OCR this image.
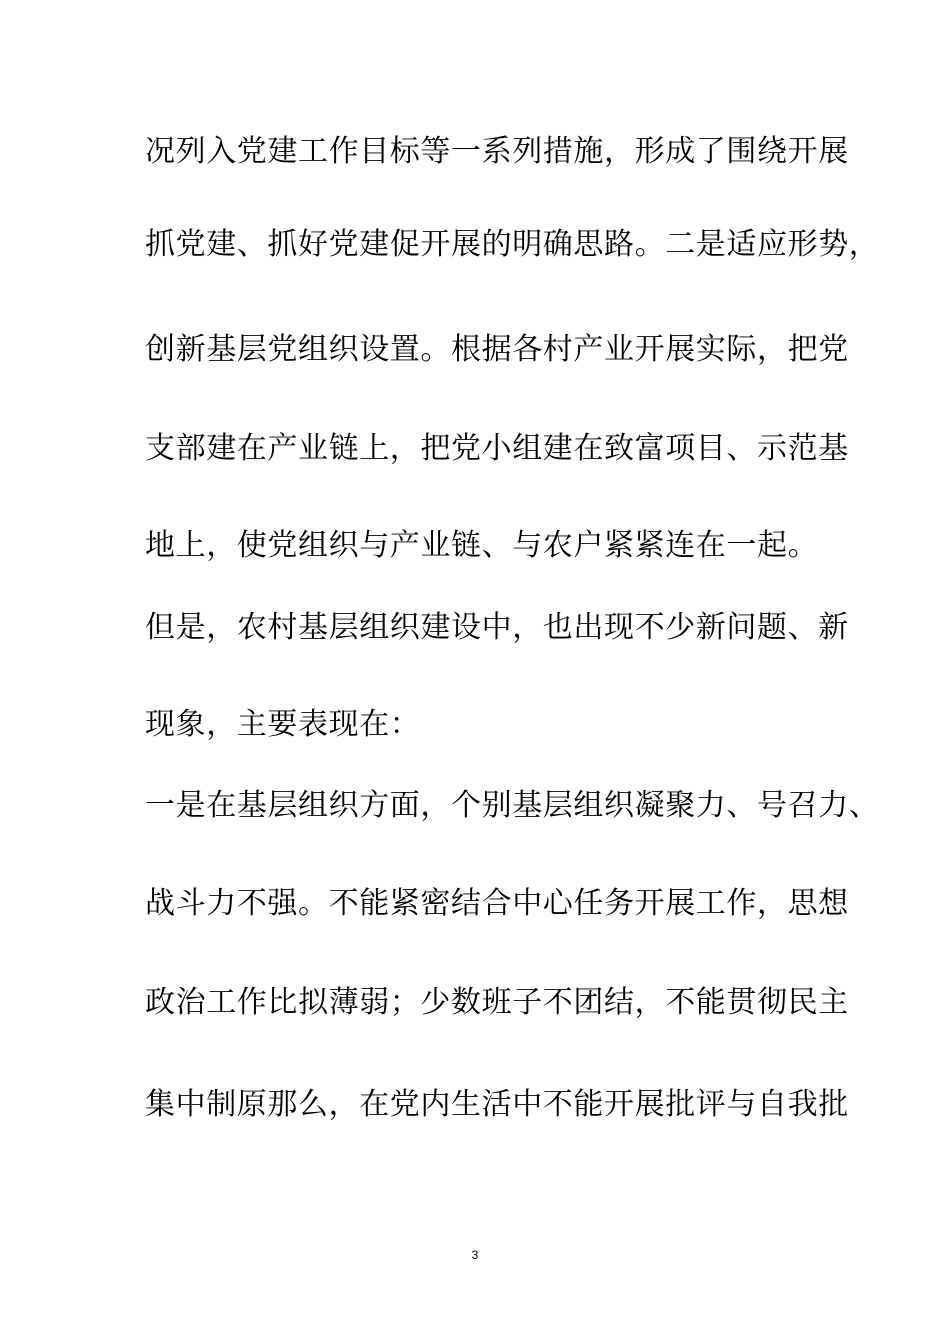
况列入党建工作目标等一系列措施，形成了围绕开展
抓党建、抓好党建促开展的明确思路。二是适应形势，
创新基层党组织设置。根据各村产业开展实际，把党
支部建在产业链上，把党小组建在致富项目、示范基
地上，使党组织与产业链、与农户紧紧连在一起。
但是，农村基层组织建设中，也出现不少新问题、新
现象，主要表现在：
一是在基层组织方面，个别基层组织凝聚力、号召力、
战斗力不强。不能紧密结合中心任务开展工作，思想
政治工作比拟薄弱；少数班子不团结，不能贯彻民主
集中制原那么，在党内生活中不能开展批评与自我批
3
